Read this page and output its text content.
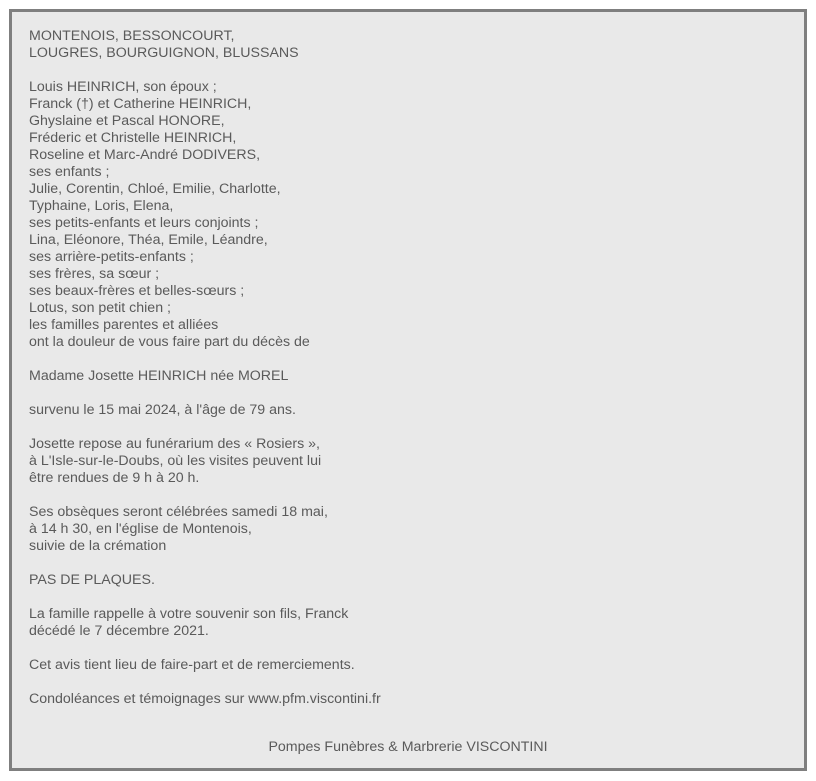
MONTENOIS, BESSONCOURT,
LOUGRES, BOURGUIGNON, BLUSSANS
Louis HEINRICH, son époux ;
Franck (†) et Catherine HEINRICH,
Ghyslaine et Pascal HONORE,
Fréderic et Christelle HEINRICH,
Roseline et Marc-André DODIVERS,
ses enfants ;
Julie, Corentin, Chloé, Emilie, Charlotte,
Typhaine, Loris, Elena,
ses petits-enfants et leurs conjoints ;
Lina, Eléonore, Théa, Emile, Léandre,
ses arrière-petits-enfants ;
ses frères, sa sœur ;
ses beaux-frères et belles-sœurs ;
Lotus, son petit chien ;
les familles parentes et alliées
ont la douleur de vous faire part du décès de
Madame Josette HEINRICH née MOREL
survenu le 15 mai 2024, à l'âge de 79 ans.
Josette repose au funérarium des « Rosiers »,
à L'Isle-sur-le-Doubs, où les visites peuvent lui
être rendues de 9 h à 20 h.
Ses obsèques seront célébrées samedi 18 mai,
à 14 h 30, en l'église de Montenois,
suivie de la crémation
PAS DE PLAQUES.
La famille rappelle à votre souvenir son fils, Franck
décédé le 7 décembre 2021.
Cet avis tient lieu de faire-part et de remerciements.
Condoléances et témoignages sur www.pfm.viscontini.fr
Pompes Funèbres & Marbrerie VISCONTINI
